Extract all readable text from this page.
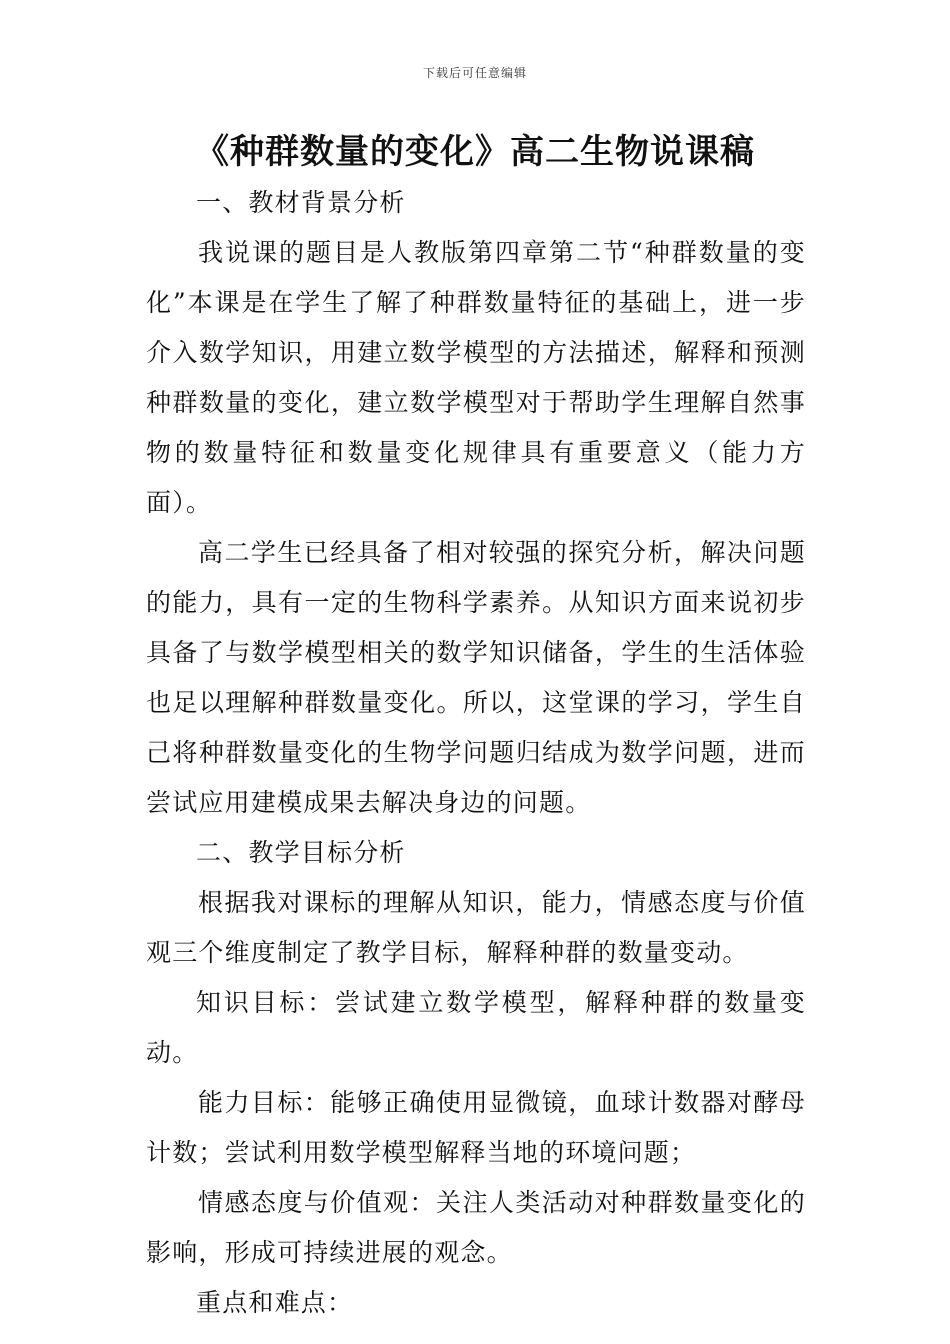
下载后可任意编辑
《种群数量的变化》高二生物说课稿

一、教材背景分析

我说课的题目是人教版第四章第二节“种群数量的变化”本课是在学生了解了种群数量特征的基础上，进一步介入数学知识，用建立数学模型的方法描述，解释和预测种群数量的变化，建立数学模型对于帮助学生理解自然事物的数量特征和数量变化规律具有重要意义（能力方面）。

高二学生已经具备了相对较强的探究分析，解决问题的能力，具有一定的生物科学素养。从知识方面来说初步具备了与数学模型相关的数学知识储备，学生的生活体验也足以理解种群数量变化。所以，这堂课的学习，学生自己将种群数量变化的生物学问题归结成为数学问题，进而尝试应用建模成果去解决身边的问题。

二、教学目标分析

根据我对课标的理解从知识，能力，情感态度与价值观三个维度制定了教学目标，解释种群的数量变动。

知识目标：尝试建立数学模型，解释种群的数量变动。

能力目标：能够正确使用显微镜，血球计数器对酵母计数；尝试利用数学模型解释当地的环境问题；

情感态度与价值观：关注人类活动对种群数量变化的影响，形成可持续进展的观念。

重点和难点：
